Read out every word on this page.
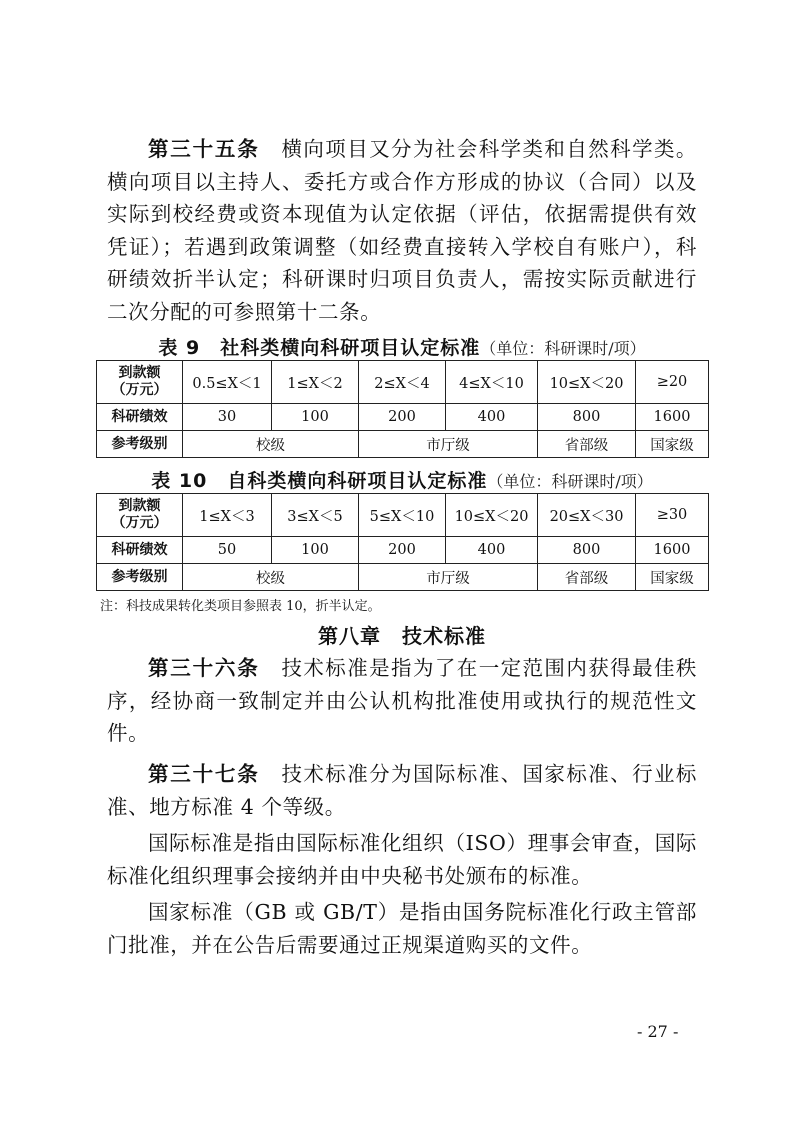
第三十五条　 横向项目又分为社会科学类和自然科学类。横向项目以主持人、委托方或合作方形成的协议（合同）以及实际到校经费或资本现值为认定依据（评估，依据需提供有效凭证）；若遇到政策调整（如经费直接转入学校自有账户），科研绩效折半认定；科研课时归项目负责人，需按实际贡献进行二次分配的可参照第十二条。

表 9　社科类横向科研项目认定标准（单位：科研课时/项）

到款额
（万元）	0.5≤X＜1	1≤X＜2	2≤X＜4	4≤X＜10	10≤X＜20	≥20
科研绩效	30	100	200	400	800	1600
参考级别	校级		市厅级		省部级	国家级

表 10　自科类横向科研项目认定标准（单位：科研课时/项）

到款额
（万元）	1≤X＜3	3≤X＜5	5≤X＜10	10≤X＜20	20≤X＜30	≥30
科研绩效	50	100	200	400	800	1600
参考级别	校级		市厅级		省部级	国家级

注：科技成果转化类项目参照表 10，折半认定。

第八章　技术标准

第三十六条　 技术标准是指为了在一定范围内获得最佳秩序，经协商一致制定并由公认机构批准使用或执行的规范性文件。

第三十七条　 技术标准分为国际标准、国家标准、行业标准、地方标准 4 个等级。

国际标准是指由国际标准化组织（ISO）理事会审查，国际标准化组织理事会接纳并由中央秘书处颁布的标准。

国家标准（GB 或 GB/T）是指由国务院标准化行政主管部门批准，并在公告后需要通过正规渠道购买的文件。

- 27 -
